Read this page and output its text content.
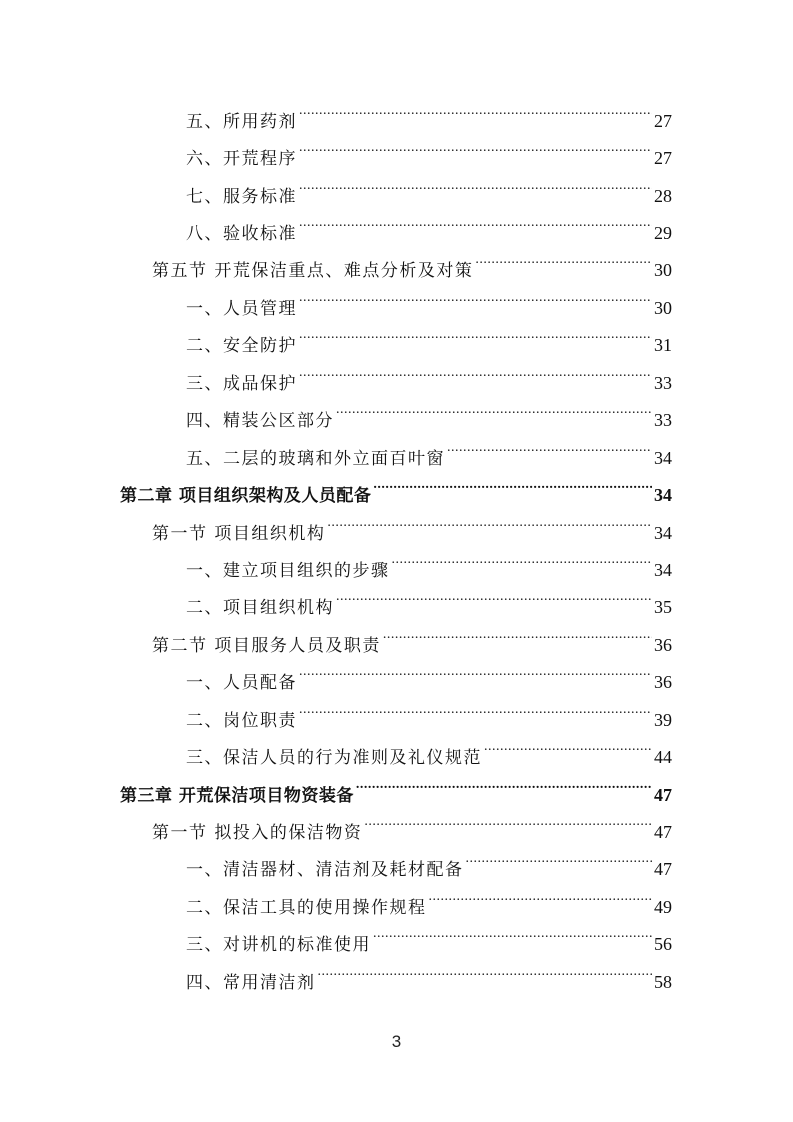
五、所用药剂 .....	27
六、开荒程序 .....	27
七、服务标准 .....	28
八、验收标准 .....	29
第五节 开荒保洁重点、难点分析及对策 .....	30
一、人员管理 .....	30
二、安全防护 .....	31
三、成品保护 .....	33
四、精装公区部分 .....	33
五、二层的玻璃和外立面百叶窗 .....	34
第二章 项目组织架构及人员配备 .....	34
第一节 项目组织机构 .....	34
一、建立项目组织的步骤 .....	34
二、项目组织机构 .....	35
第二节 项目服务人员及职责 .....	36
一、人员配备 .....	36
二、岗位职责 .....	39
三、保洁人员的行为准则及礼仪规范 .....	44
第三章 开荒保洁项目物资装备 .....	47
第一节 拟投入的保洁物资 .....	47
一、清洁器材、清洁剂及耗材配备 .....	47
二、保洁工具的使用操作规程 .....	49
三、对讲机的标准使用 .....	56
四、常用清洁剂 .....	58
3
